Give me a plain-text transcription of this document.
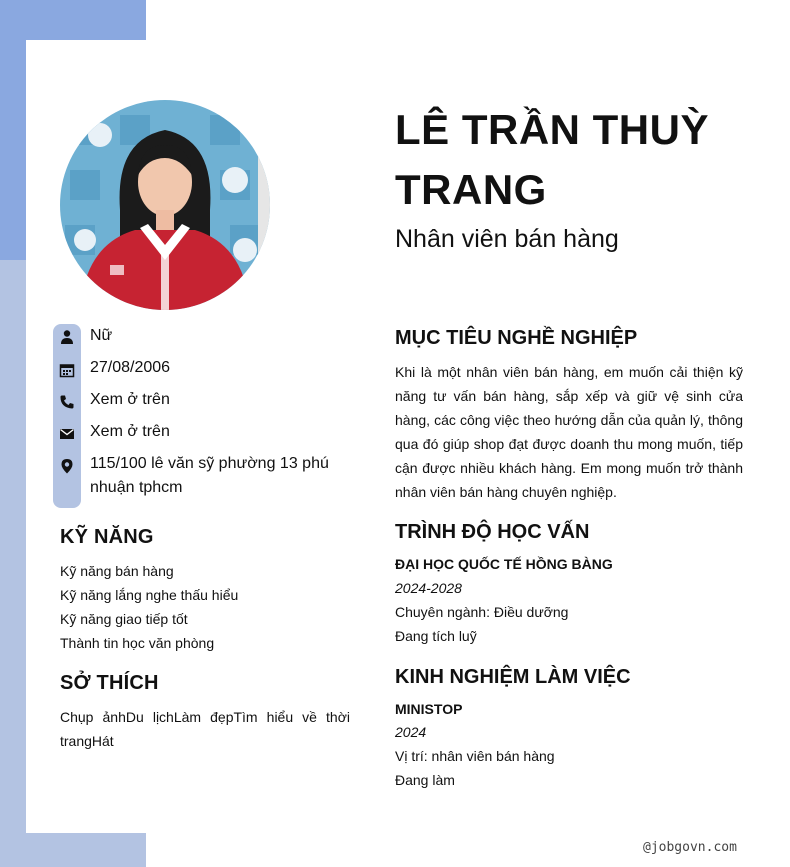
Nữ
27/08/2006
Xem ở trên
Xem ở trên
115/100 lê văn sỹ phường 13 phú nhuận tphcm
KỸ NĂNG
Kỹ năng bán hàng
Kỹ năng lắng nghe thấu hiểu
Kỹ năng giao tiếp tốt
Thành tin học văn phòng
SỞ THÍCH
Chụp ảnhDu lịchLàm đẹpTìm hiểu về thời trangHát
LÊ TRẦN THUỲ TRANG
Nhân viên bán hàng
MỤC TIÊU NGHỀ NGHIỆP
Khi là một nhân viên bán hàng, em muốn cải thiện kỹ năng tư vấn bán hàng, sắp xếp và giữ vệ sinh cửa hàng, các công việc theo hướng dẫn của quản lý, thông qua đó giúp shop đạt được doanh thu mong muốn, tiếp cận được nhiều khách hàng. Em mong muốn trở thành nhân viên bán hàng chuyên nghiệp.
TRÌNH ĐỘ HỌC VẤN
ĐẠI HỌC QUỐC TẾ HỒNG BÀNG
2024-2028
Chuyên ngành: Điều dưỡng
Đang tích luỹ
KINH NGHIỆM LÀM VIỆC
MINISTOP
2024
Vị trí: nhân viên bán hàng
Đang làm
@jobgovn.com
